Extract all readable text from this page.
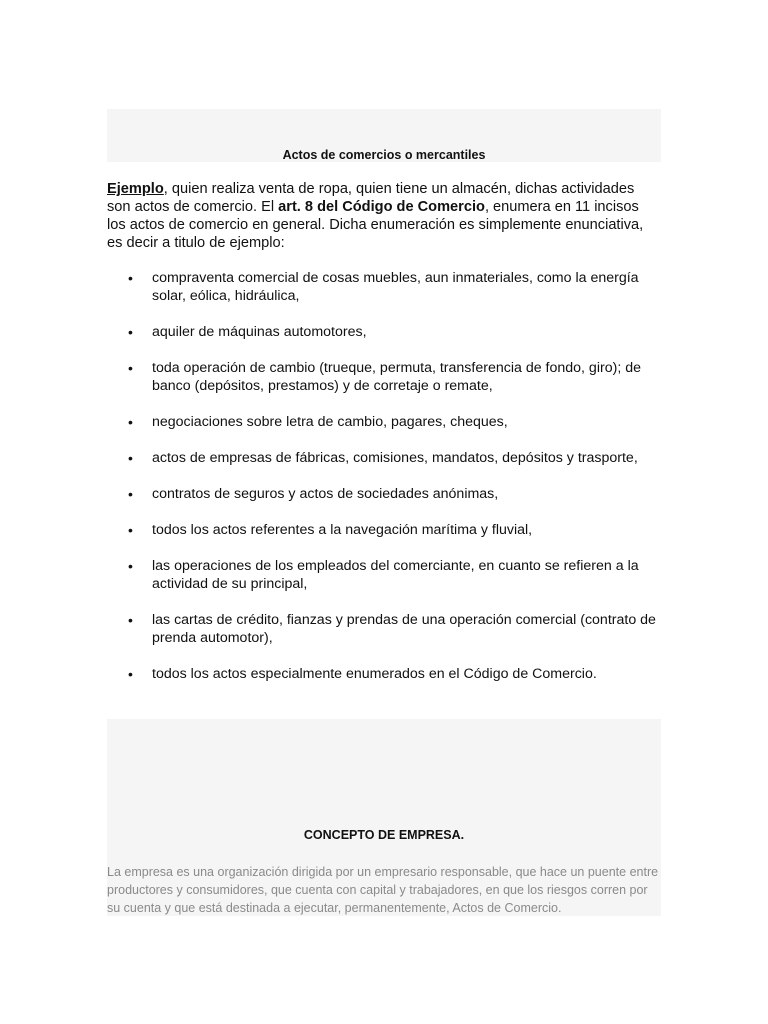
Actos de comercios o mercantiles

Ejemplo, quien realiza venta de ropa, quien tiene un almacén, dichas actividades son actos de comercio. El art. 8 del Código de Comercio, enumera en 11 incisos los actos de comercio en general. Dicha enumeración es simplemente enunciativa, es decir a titulo de ejemplo:

• compraventa comercial de cosas muebles, aun inmateriales, como la energía solar, eólica, hidráulica,
• aquiler de máquinas automotores,
• toda operación de cambio (trueque, permuta, transferencia de fondo, giro); de banco (depósitos, prestamos) y de corretaje o remate,
• negociaciones sobre letra de cambio, pagares, cheques,
• actos de empresas de fábricas, comisiones, mandatos, depósitos y trasporte,
• contratos de seguros y actos de sociedades anónimas,
• todos los actos referentes a la navegación marítima y fluvial,
• las operaciones de los empleados del comerciante, en cuanto se refieren a la actividad de su principal,
• las cartas de crédito, fianzas y prendas de una operación comercial (contrato de prenda automotor),
• todos los actos especialmente enumerados en el Código de Comercio.
CONCEPTO DE EMPRESA.

La empresa es una organización dirigida por un empresario responsable, que hace un puente entre productores y consumidores, que cuenta con capital y trabajadores, en que los riesgos corren por su cuenta y que está destinada a ejecutar, permanentemente, Actos de Comercio.
